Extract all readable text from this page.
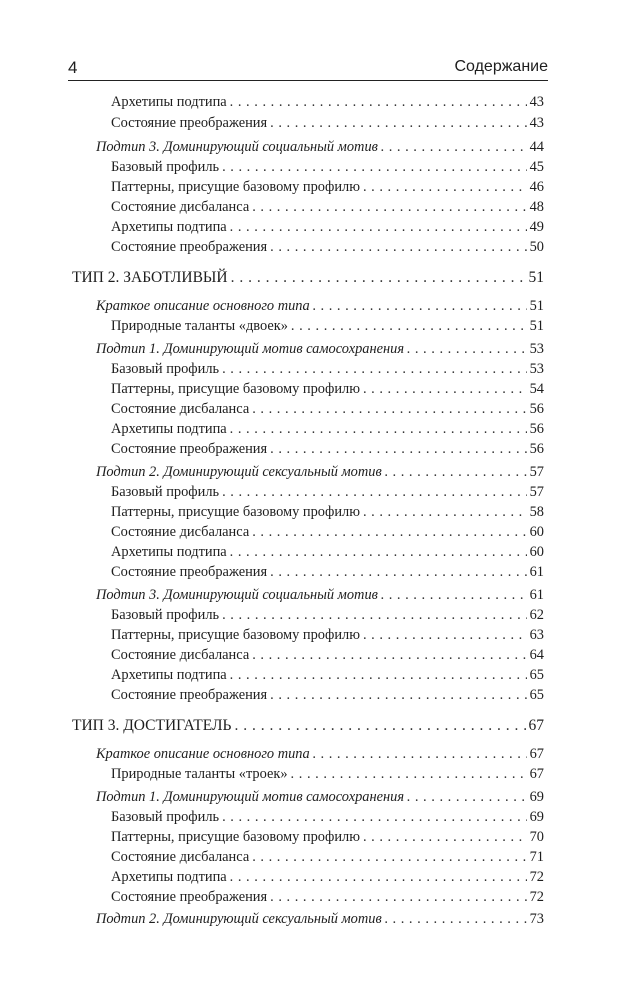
4	Содержание
Архетипы подтипа . . .	43
Состояние преображения . . .	43
Подтип 3. Доминирующий социальный мотив . . .	44
Базовый профиль . . .	45
Паттерны, присущие базовому профилю . . .	46
Состояние дисбаланса . . .	48
Архетипы подтипа . . .	49
Состояние преображения . . .	50
ТИП 2. ЗАБОТЛИВЫЙ . . .	51
Краткое описание основного типа . . .	51
Природные таланты «двоек» . . .	51
Подтип 1. Доминирующий мотив самосохранения . . .	53
Базовый профиль . . .	53
Паттерны, присущие базовому профилю . . .	54
Состояние дисбаланса . . .	56
Архетипы подтипа . . .	56
Состояние преображения . . .	56
Подтип 2. Доминирующий сексуальный мотив . . .	57
Базовый профиль . . .	57
Паттерны, присущие базовому профилю . . .	58
Состояние дисбаланса . . .	60
Архетипы подтипа . . .	60
Состояние преображения . . .	61
Подтип 3. Доминирующий социальный мотив . . .	61
Базовый профиль . . .	62
Паттерны, присущие базовому профилю . . .	63
Состояние дисбаланса . . .	64
Архетипы подтипа . . .	65
Состояние преображения . . .	65
ТИП 3. ДОСТИГАТЕЛЬ . . .	67
Краткое описание основного типа . . .	67
Природные таланты «троек» . . .	67
Подтип 1. Доминирующий мотив самосохранения . . .	69
Базовый профиль . . .	69
Паттерны, присущие базовому профилю . . .	70
Состояние дисбаланса . . .	71
Архетипы подтипа . . .	72
Состояние преображения . . .	72
Подтип 2. Доминирующий сексуальный мотив . . .	73
